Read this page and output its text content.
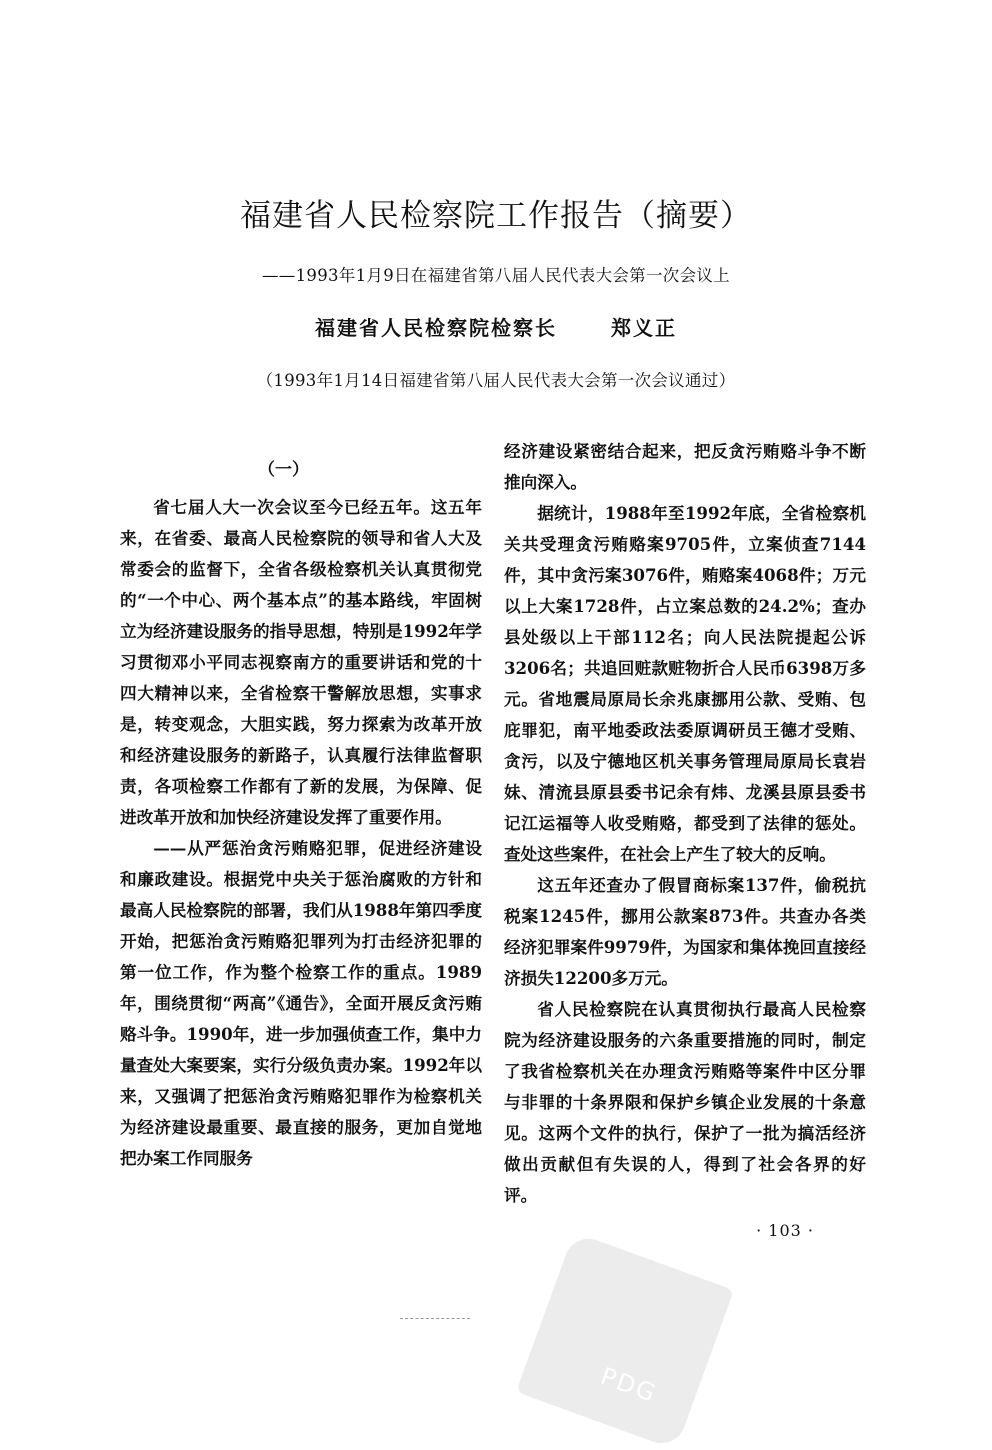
PDG
福建省人民检察院工作报告（摘要）
——1993年1月9日在福建省第八届人民代表大会第一次会议上
福建省人民检察院检察长	郑义正
（1993年1月14日福建省第八届人民代表大会第一次会议通过）
（一）

省七届人大一次会议至今已经五年。这五年来，在省委、最高人民检察院的领导和省人大及常委会的监督下，全省各级检察机关认真贯彻党的“一个中心、两个基本点”的基本路线，牢固树立为经济建设服务的指导思想，特别是1992年学习贯彻邓小平同志视察南方的重要讲话和党的十四大精神以来，全省检察干警解放思想，实事求是，转变观念，大胆实践，努力探索为改革开放和经济建设服务的新路子，认真履行法律监督职责，各项检察工作都有了新的发展，为保障、促进改革开放和加快经济建设发挥了重要作用。

——从严惩治贪污贿赂犯罪，促进经济建设和廉政建设。根据党中央关于惩治腐败的方针和最高人民检察院的部署，我们从1988年第四季度开始，把惩治贪污贿赂犯罪列为打击经济犯罪的第一位工作，作为整个检察工作的重点。1989年，围绕贯彻“两高”《通告》，全面开展反贪污贿赂斗争。1990年，进一步加强侦查工作，集中力量查处大案要案，实行分级负责办案。1992年以来，又强调了把惩治贪污贿赂犯罪作为检察机关为经济建设最重要、最直接的服务，更加自觉地把办案工作同服务

经济建设紧密结合起来，把反贪污贿赂斗争不断推向深入。

据统计，1988年至1992年底，全省检察机关共受理贪污贿赂案9705件，立案侦查7144件，其中贪污案3076件，贿赂案4068件；万元以上大案1728件，占立案总数的24.2%；查办县处级以上干部112名；向人民法院提起公诉3206名；共追回赃款赃物折合人民币6398万多元。省地震局原局长余兆康挪用公款、受贿、包庇罪犯，南平地委政法委原调研员王德才受贿、贪污，以及宁德地区机关事务管理局原局长袁岩妹、清流县原县委书记余有炜、龙溪县原县委书记江运福等人收受贿赂，都受到了法律的惩处。查处这些案件，在社会上产生了较大的反响。

这五年还查办了假冒商标案137件，偷税抗税案1245件，挪用公款案873件。共查办各类经济犯罪案件9979件，为国家和集体挽回直接经济损失12200多万元。

省人民检察院在认真贯彻执行最高人民检察院为经济建设服务的六条重要措施的同时，制定了我省检察机关在办理贪污贿赂等案件中区分罪与非罪的十条界限和保护乡镇企业发展的十条意见。这两个文件的执行，保护了一批为搞活经济做出贡献但有失误的人，得到了社会各界的好评。

· 103 ·
